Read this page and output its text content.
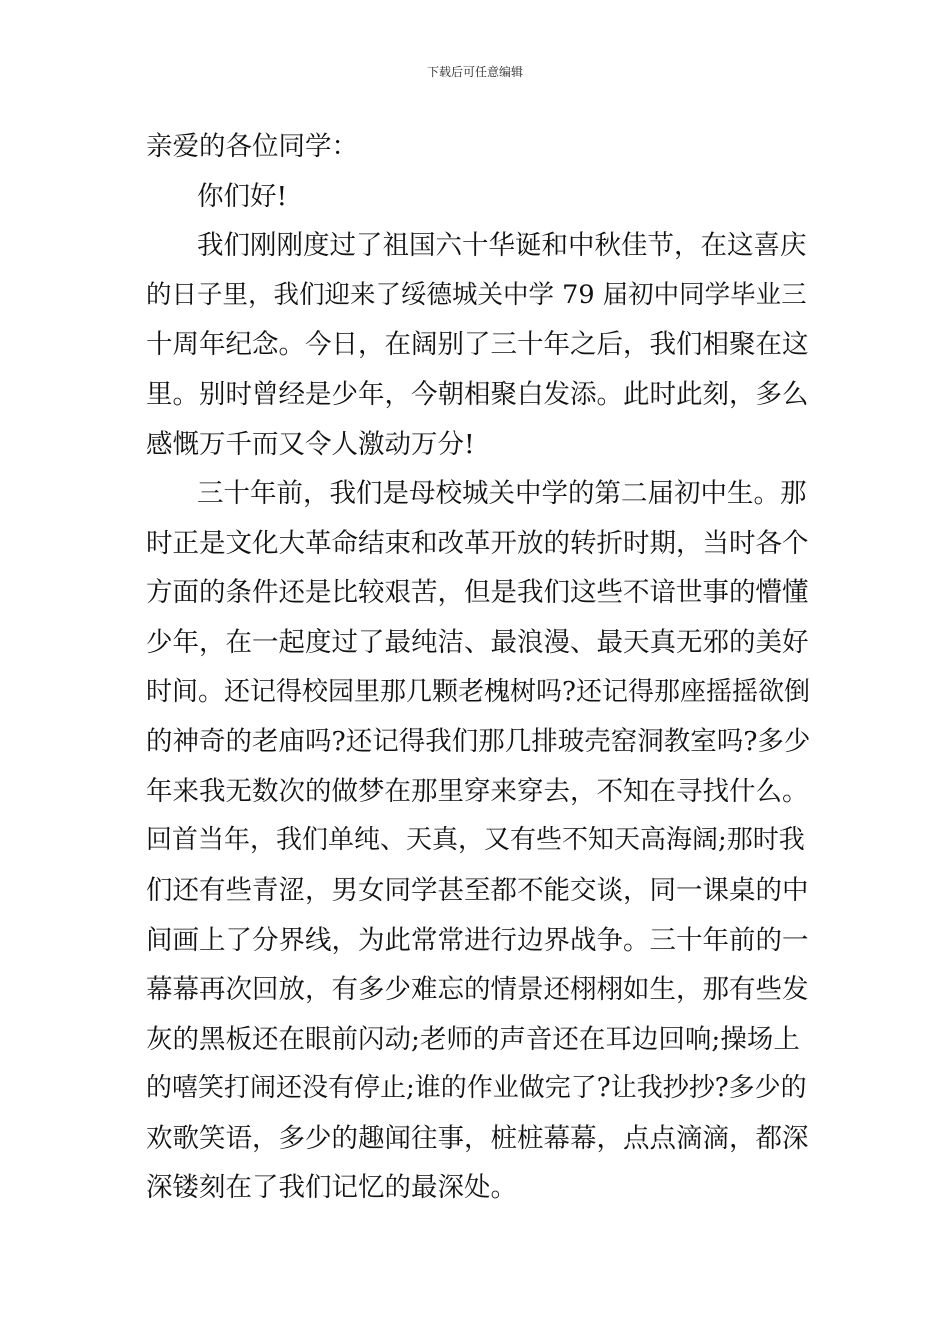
下载后可任意编辑
亲爱的各位同学：
你们好!
我们刚刚度过了祖国六十华诞和中秋佳节，在这喜庆
的日子里，我们迎来了绥德城关中学 79 届初中同学毕业三
十周年纪念。今日，在阔别了三十年之后，我们相聚在这
里。别时曾经是少年，今朝相聚白发添。此时此刻，多么
感慨万千而又令人激动万分!
三十年前，我们是母校城关中学的第二届初中生。那
时正是文化大革命结束和改革开放的转折时期，当时各个
方面的条件还是比较艰苦，但是我们这些不谙世事的懵懂
少年，在一起度过了最纯洁、最浪漫、最天真无邪的美好
时间。还记得校园里那几颗老槐树吗?还记得那座摇摇欲倒
的神奇的老庙吗?还记得我们那几排玻壳窑洞教室吗?多少
年来我无数次的做梦在那里穿来穿去，不知在寻找什么。
回首当年，我们单纯、天真，又有些不知天高海阔;那时我
们还有些青涩，男女同学甚至都不能交谈，同一课桌的中
间画上了分界线，为此常常进行边界战争。三十年前的一
幕幕再次回放，有多少难忘的情景还栩栩如生，那有些发
灰的黑板还在眼前闪动;老师的声音还在耳边回响;操场上
的嘻笑打闹还没有停止;谁的作业做完了?让我抄抄?多少的
欢歌笑语，多少的趣闻往事，桩桩幕幕，点点滴滴，都深
深镂刻在了我们记忆的最深处。
